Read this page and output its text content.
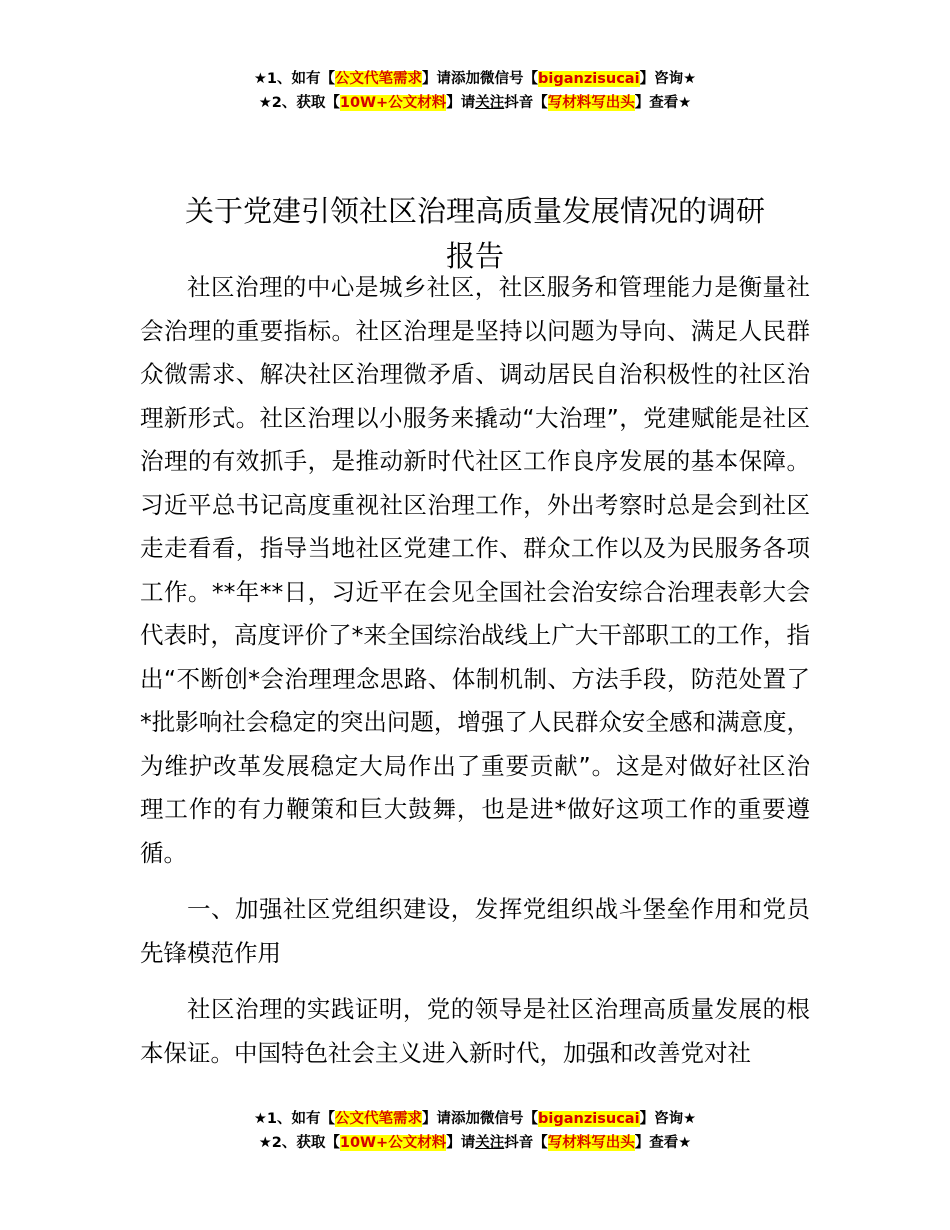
★1、如有【公文代笔需求】请添加微信号【biganzisucai】咨询★
★2、获取【10W+公文材料】请关注抖音【写材料写出头】查看★
关于党建引领社区治理高质量发展情况的调研
报告

社区治理的中心是城乡社区，社区服务和管理能力是衡量社会治理的重要指标。社区治理是坚持以问题为导向、满足人民群众微需求、解决社区治理微矛盾、调动居民自治积极性的社区治理新形式。社区治理以小服务来撬动“大治理”，党建赋能是社区治理的有效抓手，是推动新时代社区工作良序发展的基本保障。习近平总书记高度重视社区治理工作，外出考察时总是会到社区走走看看，指导当地社区党建工作、群众工作以及为民服务各项工作。**年**日，习近平在会见全国社会治安综合治理表彰大会代表时，高度评价了*来全国综治战线上广大干部职工的工作，指出“不断创*会治理理念思路、体制机制、方法手段，防范处置了*批影响社会稳定的突出问题，增强了人民群众安全感和满意度，为维护改革发展稳定大局作出了重要贡献”。这是对做好社区治理工作的有力鞭策和巨大鼓舞，也是进*做好这项工作的重要遵循。

一、加强社区党组织建设，发挥党组织战斗堡垒作用和党员先锋模范作用

社区治理的实践证明，党的领导是社区治理高质量发展的根本保证。中国特色社会主义进入新时代，加强和改善党对社

★1、如有【公文代笔需求】请添加微信号【biganzisucai】咨询★
★2、获取【10W+公文材料】请关注抖音【写材料写出头】查看★
